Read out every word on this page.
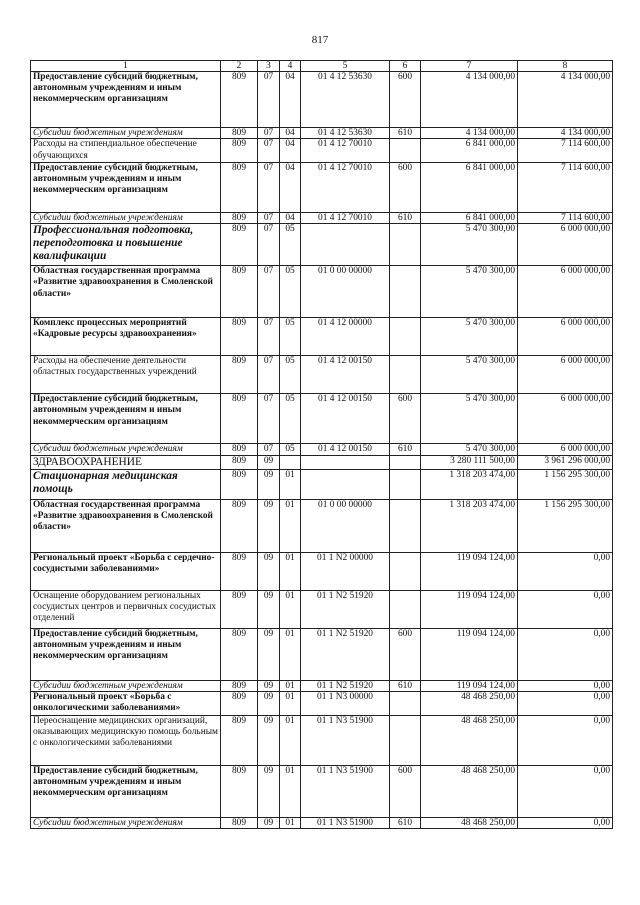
817
1	2	3	4	5	6	7	8
Предоставление субсидий бюджетным, автономным учреждениям и иным некоммерческим организациям	809	07	04	01 4 12 53630	600	4 134 000,00	4 134 000,00
Субсидии бюджетным учреждениям	809	07	04	01 4 12 53630	610	4 134 000,00	4 134 000,00
Расходы на стипендиальное обеспечение обучающихся	809	07	04	01 4 12 70010		6 841 000,00	7 114 600,00
Предоставление субсидий бюджетным, автономным учреждениям и иным некоммерческим организациям	809	07	04	01 4 12 70010	600	6 841 000,00	7 114 600,00
Субсидии бюджетным учреждениям	809	07	04	01 4 12 70010	610	6 841 000,00	7 114 600,00
Профессиональная подготовка, переподготовка и повышение квалификации	809	07	05			5 470 300,00	6 000 000,00
Областная государственная программа «Развитие здравоохранения в Смоленской области»	809	07	05	01 0 00 00000		5 470 300,00	6 000 000,00
Комплекс процессных мероприятий «Кадровые ресурсы здравоохранения»	809	07	05	01 4 12 00000		5 470 300,00	6 000 000,00
Расходы на обеспечение деятельности областных государственных учреждений	809	07	05	01 4 12 00150		5 470 300,00	6 000 000,00
Предоставление субсидий бюджетным, автономным учреждениям и иным некоммерческим организациям	809	07	05	01 4 12 00150	600	5 470 300,00	6 000 000,00
Субсидии бюджетным учреждениям	809	07	05	01 4 12 00150	610	5 470 300,00	6 000 000,00
ЗДРАВООХРАНЕНИЕ	809	09				3 280 111 500,00	3 961 296 000,00
Стационарная медицинская помощь	809	09	01			1 318 203 474,00	1 156 295 300,00
Областная государственная программа «Развитие здравоохранения в Смоленской области»	809	09	01	01 0 00 00000		1 318 203 474,00	1 156 295 300,00
Региональный проект «Борьба с сердечно-сосудистыми заболеваниями»	809	09	01	01 1 N2 00000		119 094 124,00	0,00
Оснащение оборудованием региональных сосудистых центров и первичных сосудистых отделений	809	09	01	01 1 N2 51920		119 094 124,00	0,00
Предоставление субсидий бюджетным, автономным учреждениям и иным некоммерческим организациям	809	09	01	01 1 N2 51920	600	119 094 124,00	0,00
Субсидии бюджетным учреждениям	809	09	01	01 1 N2 51920	610	119 094 124,00	0,00
Региональный проект «Борьба с онкологическими заболеваниями»	809	09	01	01 1 N3 00000		48 468 250,00	0,00
Переоснащение медицинских организаций, оказывающих медицинскую помощь больным с онкологическими заболеваниями	809	09	01	01 1 N3 51900		48 468 250,00	0,00
Предоставление субсидий бюджетным, автономным учреждениям и иным некоммерческим организациям	809	09	01	01 1 N3 51900	600	48 468 250,00	0,00
Субсидии бюджетным учреждениям	809	09	01	01 1 N3 51900	610	48 468 250,00	0,00
